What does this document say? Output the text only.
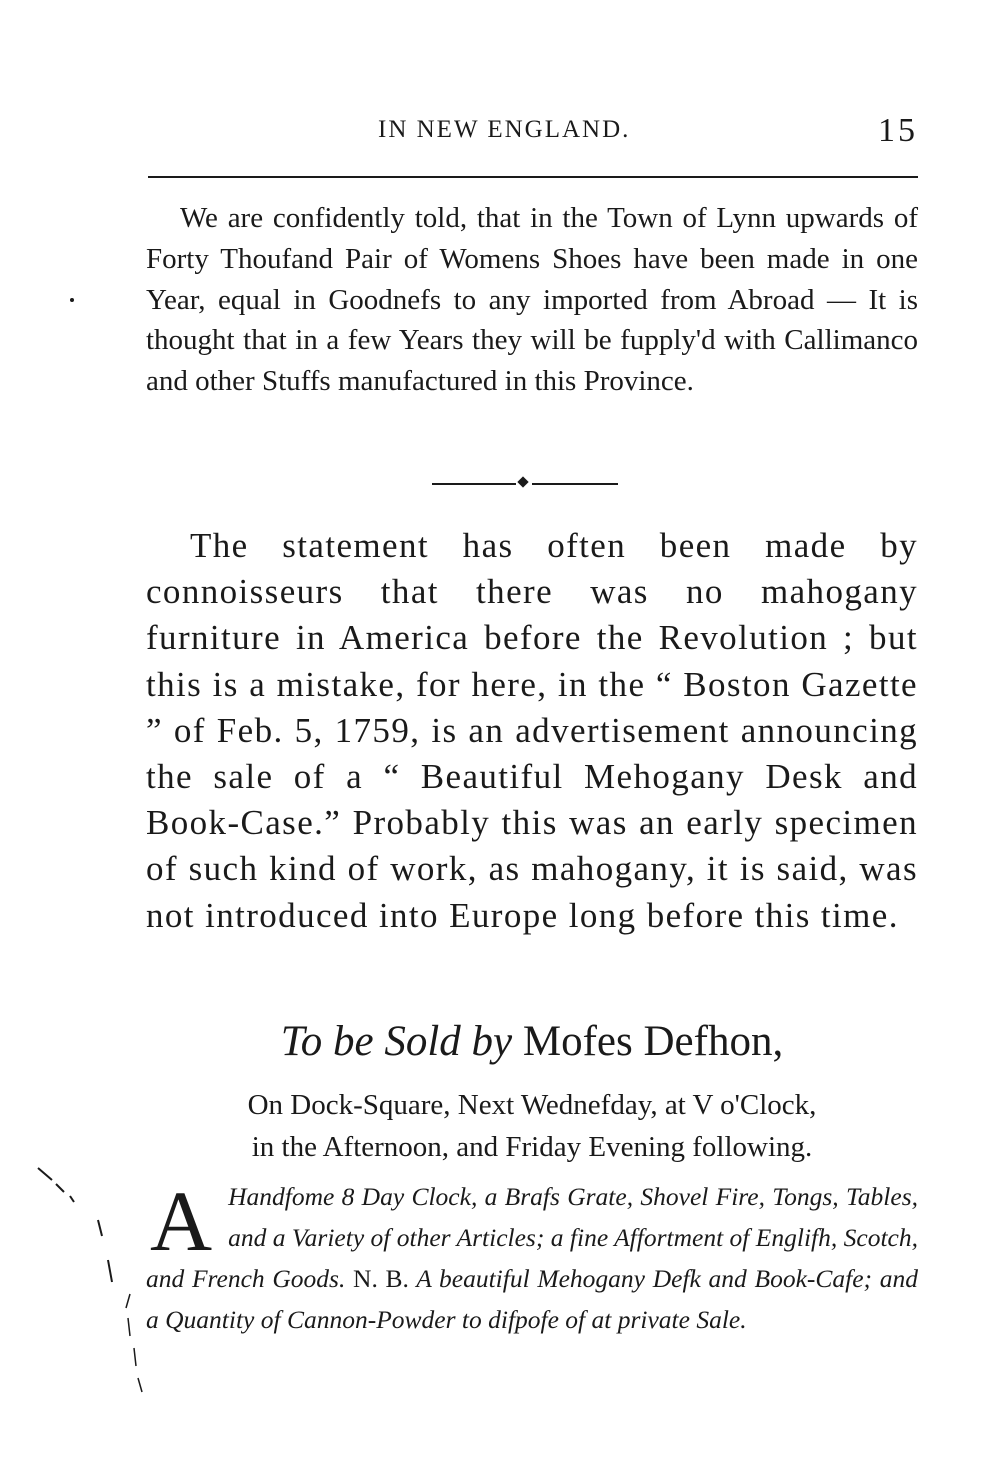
IN NEW ENGLAND.	15

We are confidently told, that in the Town of Lynn upwards of Forty Thoufand Pair of Womens Shoes have been made in one Year, equal in Goodnefs to any imported from Abroad — It is thought that in a few Years they will be fupply'd with Callimanco and other Stuffs manufactured in this Province.

The statement has often been made by connoisseurs that there was no mahogany furniture in America before the Revolution ; but this is a mistake, for here, in the “ Boston Gazette ” of Feb. 5, 1759, is an advertisement announcing the sale of a “ Beautiful Mehogany Desk and Book-Case.” Probably this was an early specimen of such kind of work, as mahogany, it is said, was not introduced into Europe long before this time.

To be Sold by Mofes Defhon,

On Dock-Square, Next Wednefday, at V o'Clock,
in the Afternoon, and Friday Evening following.

A Handfome 8 Day Clock, a Brafs Grate, Shovel Fire, Tongs, Tables, and a Variety of other Articles; a fine Affortment of Englifh, Scotch, and French Goods. N. B. A beautiful Mehogany Defk and Book-Cafe; and a Quantity of Cannon-Powder to difpofe of at private Sale.
